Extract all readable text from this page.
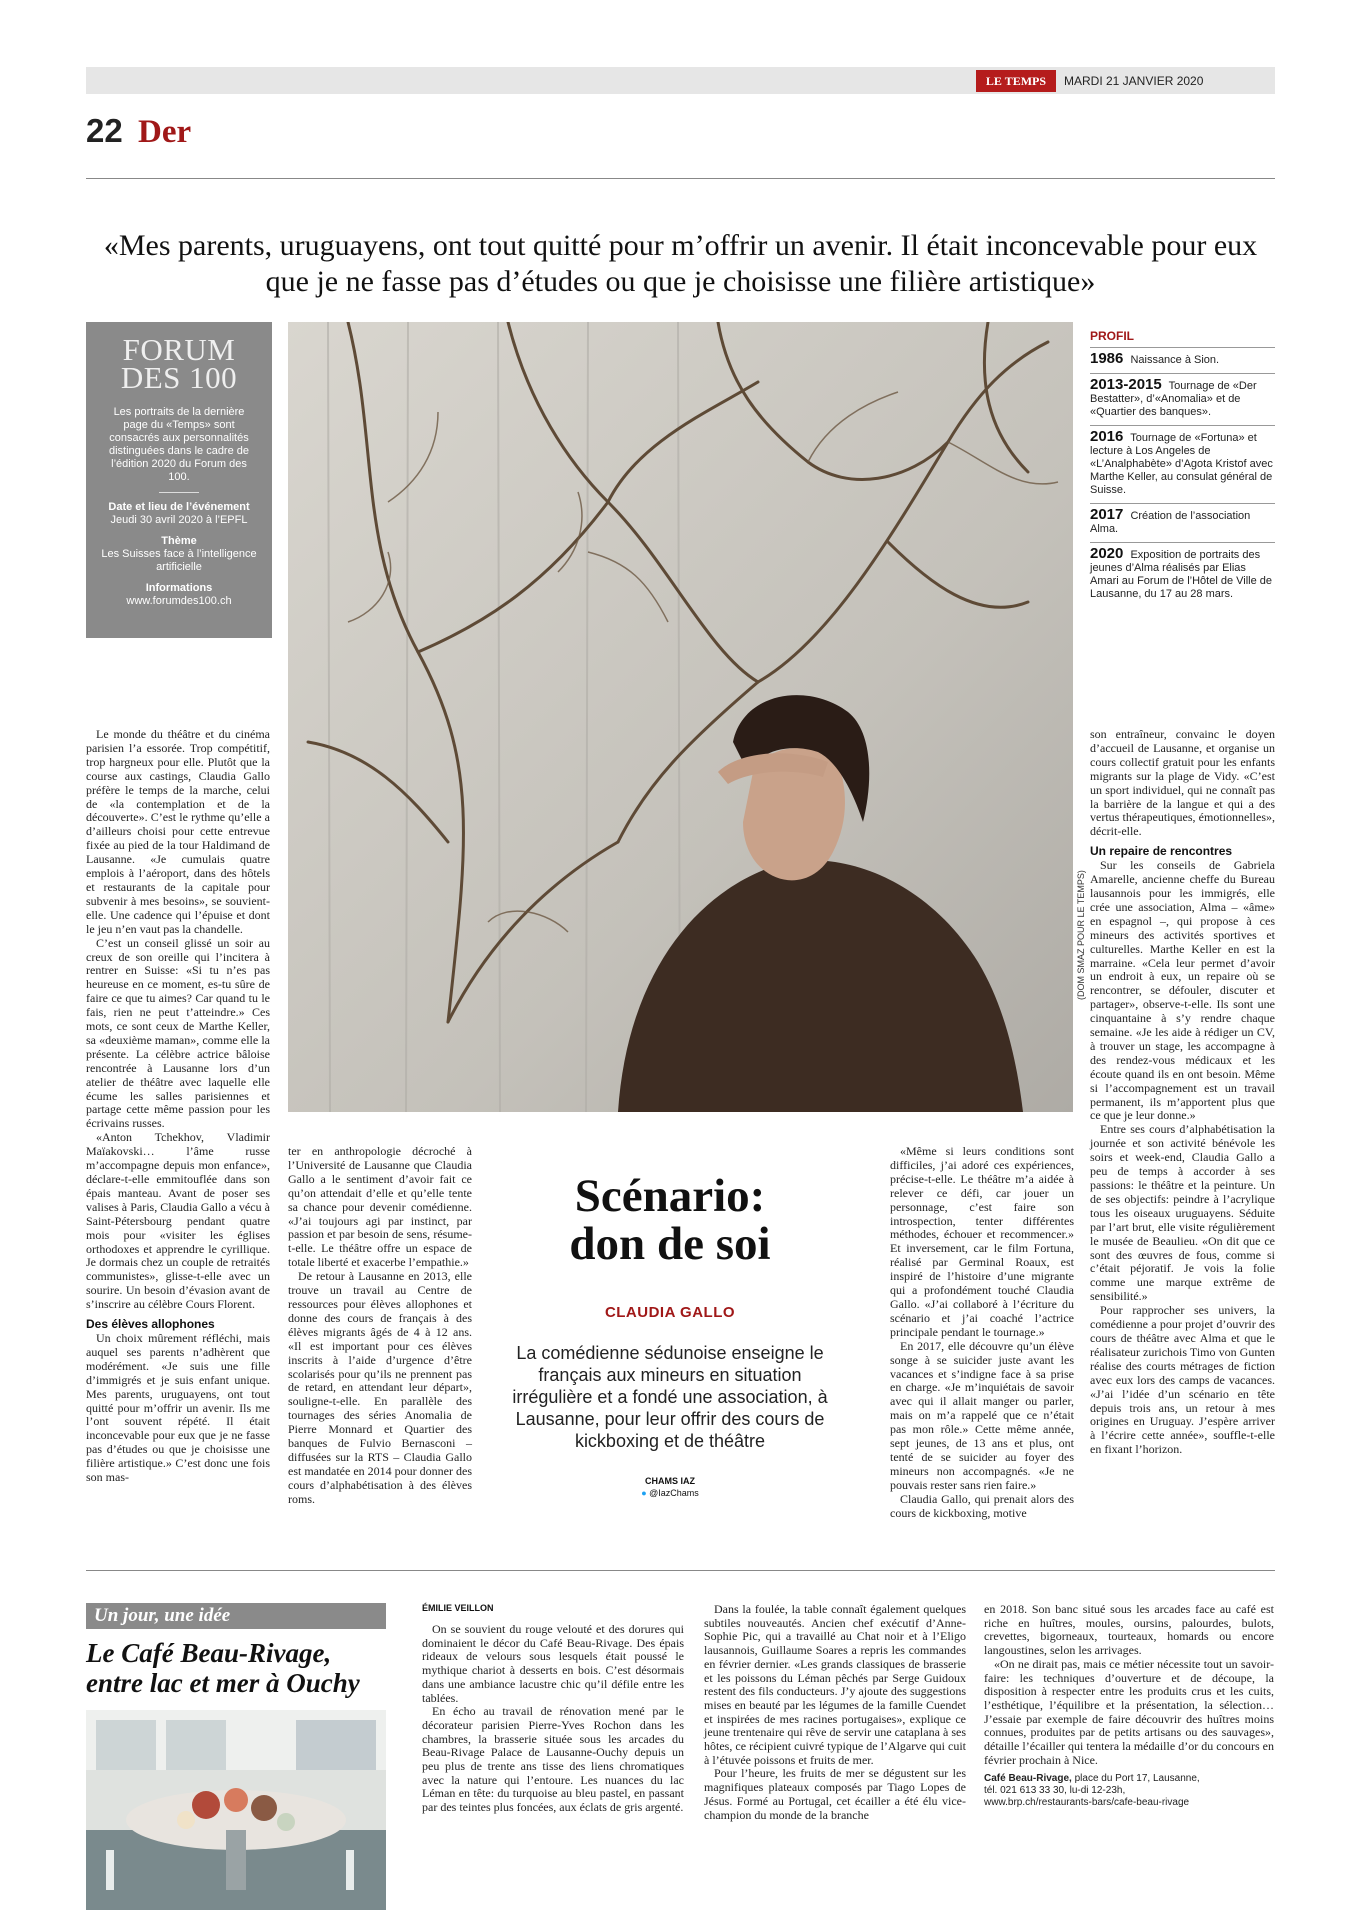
LE TEMPS	MARDI 21 JANVIER 2020
22 Der
«Mes parents, uruguayens, ont tout quitté pour m’offrir un avenir. Il était inconcevable pour eux que je ne fasse pas d’études ou que je choisisse une filière artistique»
FORUM
DES 100
Les portraits de la dernière page du «Temps» sont consacrés aux personnalités distinguées dans le cadre de l’édition 2020 du Forum des 100.
Date et lieu de l’événement
Jeudi 30 avril 2020 à l’EPFL
Thème
Les Suisses face à l’intelligence artificielle
Informations
www.forumdes100.ch
(DOM SMAZ POUR LE TEMPS)
PROFIL
1986 Naissance à Sion.
2013-2015 Tournage de «Der Bestatter», d’«Anomalia» et de «Quartier des banques».
2016 Tournage de «Fortuna» et lecture à Los Angeles de «L’Analphabète» d’Agota Kristof avec Marthe Keller, au consulat général de Suisse.
2017 Création de l’association Alma.
2020 Exposition de portraits des jeunes d’Alma réalisés par Elias Amari au Forum de l’Hôtel de Ville de Lausanne, du 17 au 28 mars.

Le monde du théâtre et du cinéma parisien l’a essorée. Trop compétitif, trop hargneux pour elle. Plutôt que la course aux castings, Claudia Gallo préfère le temps de la marche, celui de «la contemplation et de la découverte». C’est le rythme qu’elle a d’ailleurs choisi pour cette entrevue fixée au pied de la tour Haldimand de Lausanne. «Je cumulais quatre emplois à l’aéroport, dans des hôtels et restaurants de la capitale pour subvenir à mes besoins», se souvient-elle. Une cadence qui l’épuise et dont le jeu n’en vaut pas la chandelle.

C’est un conseil glissé un soir au creux de son oreille qui l’incitera à rentrer en Suisse: «Si tu n’es pas heureuse en ce moment, es-tu sûre de faire ce que tu aimes? Car quand tu le fais, rien ne peut t’atteindre.» Ces mots, ce sont ceux de Marthe Keller, sa «deuxième maman», comme elle la présente. La célèbre actrice bâloise rencontrée à Lausanne lors d’un atelier de théâtre avec laquelle elle écume les salles parisiennes et partage cette même passion pour les écrivains russes.

«Anton Tchekhov, Vladimir Maïakovski… l’âme russe m’accompagne depuis mon enfance», déclare-t-elle emmitouflée dans son épais manteau. Avant de poser ses valises à Paris, Claudia Gallo a vécu à Saint-Pétersbourg pendant quatre mois pour «visiter les églises orthodoxes et apprendre le cyrillique. Je dormais chez un couple de retraités communistes», glisse-t-elle avec un sourire. Un besoin d’évasion avant de s’inscrire au célèbre Cours Florent.

Des élèves allophones

Un choix mûrement réfléchi, mais auquel ses parents n’adhèrent que modérément. «Je suis une fille d’immigrés et je suis enfant unique. Mes parents, uruguayens, ont tout quitté pour m’offrir un avenir. Ils me l’ont souvent répété. Il était inconcevable pour eux que je ne fasse pas d’études ou que je choisisse une filière artistique.» C’est donc une fois son mas-

ter en anthropologie décroché à l’Université de Lausanne que Claudia Gallo a le sentiment d’avoir fait ce qu’on attendait d’elle et qu’elle tente sa chance pour devenir comédienne. «J’ai toujours agi par instinct, par passion et par besoin de sens, résume-t-elle. Le théâtre offre un espace de totale liberté et exacerbe l’empathie.»

De retour à Lausanne en 2013, elle trouve un travail au Centre de ressources pour élèves allophones et donne des cours de français à des élèves migrants âgés de 4 à 12 ans. «Il est important pour ces élèves inscrits à l’aide d’urgence d’être scolarisés pour qu’ils ne prennent pas de retard, en attendant leur départ», souligne-t-elle. En parallèle des tournages des séries Anomalia de Pierre Monnard et Quartier des banques de Fulvio Bernasconi – diffusées sur la RTS – Claudia Gallo est mandatée en 2014 pour donner des cours d’alphabétisation à des élèves roms.

Scénario:
don de soi
CLAUDIA GALLO
La comédienne sédunoise enseigne le français aux mineurs en situation irrégulière et a fondé une association, à Lausanne, pour leur offrir des cours de kickboxing et de théâtre
CHAMS IAZ
● @IazChams

«Même si leurs conditions sont difficiles, j’ai adoré ces expériences, précise-t-elle. Le théâtre m’a aidée à relever ce défi, car jouer un personnage, c’est faire son introspection, tenter différentes méthodes, échouer et recommencer.» Et inversement, car le film Fortuna, réalisé par Germinal Roaux, est inspiré de l’histoire d’une migrante qui a profondément touché Claudia Gallo. «J’ai collaboré à l’écriture du scénario et j’ai coaché l’actrice principale pendant le tournage.»

En 2017, elle découvre qu’un élève songe à se suicider juste avant les vacances et s’indigne face à sa prise en charge. «Je m’inquiétais de savoir avec qui il allait manger ou parler, mais on m’a rappelé que ce n’était pas mon rôle.» Cette même année, sept jeunes, de 13 ans et plus, ont tenté de se suicider au foyer des mineurs non accompagnés. «Je ne pouvais rester sans rien faire.»

Claudia Gallo, qui prenait alors des cours de kickboxing, motive

son entraîneur, convainc le doyen d’accueil de Lausanne, et organise un cours collectif gratuit pour les enfants migrants sur la plage de Vidy. «C’est un sport individuel, qui ne connaît pas la barrière de la langue et qui a des vertus thérapeutiques, émotionnelles», décrit-elle.

Un repaire de rencontres

Sur les conseils de Gabriela Amarelle, ancienne cheffe du Bureau lausannois pour les immigrés, elle crée une association, Alma – «âme» en espagnol –, qui propose à ces mineurs des activités sportives et culturelles. Marthe Keller en est la marraine. «Cela leur permet d’avoir un endroit à eux, un repaire où se rencontrer, se défouler, discuter et partager», observe-t-elle. Ils sont une cinquantaine à s’y rendre chaque semaine. «Je les aide à rédiger un CV, à trouver un stage, les accompagne à des rendez-vous médicaux et les écoute quand ils en ont besoin. Même si l’accompagnement est un travail permanent, ils m’apportent plus que ce que je leur donne.»

Entre ses cours d’alphabétisation la journée et son activité bénévole les soirs et week-end, Claudia Gallo a peu de temps à accorder à ses passions: le théâtre et la peinture. Un de ses objectifs: peindre à l’acrylique tous les oiseaux uruguayens. Séduite par l’art brut, elle visite régulièrement le musée de Beaulieu. «On dit que ce sont des œuvres de fous, comme si c’était péjoratif. Je vois la folie comme une marque extrême de sensibilité.»

Pour rapprocher ses univers, la comédienne a pour projet d’ouvrir des cours de théâtre avec Alma et que le réalisateur zurichois Timo von Gunten réalise des courts métrages de fiction avec eux lors des camps de vacances. «J’ai l’idée d’un scénario en tête depuis trois ans, un retour à mes origines en Uruguay. J’espère arriver à l’écrire cette année», souffle-t-elle en fixant l’horizon.

Un jour, une idée
Le Café Beau-Rivage,
entre lac et mer à Ouchy
ÉMILIE VEILLON

On se souvient du rouge velouté et des dorures qui dominaient le décor du Café Beau-Rivage. Des épais rideaux de velours sous lesquels était poussé le mythique chariot à desserts en bois. C’est désormais dans une ambiance lacustre chic qu’il défile entre les tablées.

En écho au travail de rénovation mené par le décorateur parisien Pierre-Yves Rochon dans les chambres, la brasserie située sous les arcades du Beau-Rivage Palace de Lausanne-Ouchy depuis un peu plus de trente ans tisse des liens chromatiques avec la nature qui l’entoure. Les nuances du lac Léman en tête: du turquoise au bleu pastel, en passant par des teintes plus foncées, aux éclats de gris argenté.

Dans la foulée, la table connaît également quelques subtiles nouveautés. Ancien chef exécutif d’Anne-Sophie Pic, qui a travaillé au Chat noir et à l’Eligo lausannois, Guillaume Soares a repris les commandes en février dernier. «Les grands classiques de brasserie et les poissons du Léman pêchés par Serge Guidoux restent des fils conducteurs. J’y ajoute des suggestions mises en beauté par les légumes de la famille Cuendet et inspirées de mes racines portugaises», explique ce jeune trentenaire qui rêve de servir une cataplana à ses hôtes, ce récipient cuivré typique de l’Algarve qui cuit à l’étuvée poissons et fruits de mer.

Pour l’heure, les fruits de mer se dégustent sur les magnifiques plateaux composés par Tiago Lopes de Jésus. Formé au Portugal, cet écailler a été élu vice-champion du monde de la branche

en 2018. Son banc situé sous les arcades face au café est riche en huîtres, moules, oursins, palourdes, bulots, crevettes, bigorneaux, tourteaux, homards ou encore langoustines, selon les arrivages.

«On ne dirait pas, mais ce métier nécessite tout un savoir-faire: les techniques d’ouverture et de découpe, la disposition à respecter entre les produits crus et les cuits, l’esthétique, l’équilibre et la présentation, la sélection… J’essaie par exemple de faire découvrir des huîtres moins connues, produites par de petits artisans ou des sauvages», détaille l’écailler qui tentera la médaille d’or du concours en février prochain à Nice.

Café Beau-Rivage, place du Port 17, Lausanne,
tél. 021 613 33 30, lu-di 12-23h,
www.brp.ch/restaurants-bars/cafe-beau-rivage
